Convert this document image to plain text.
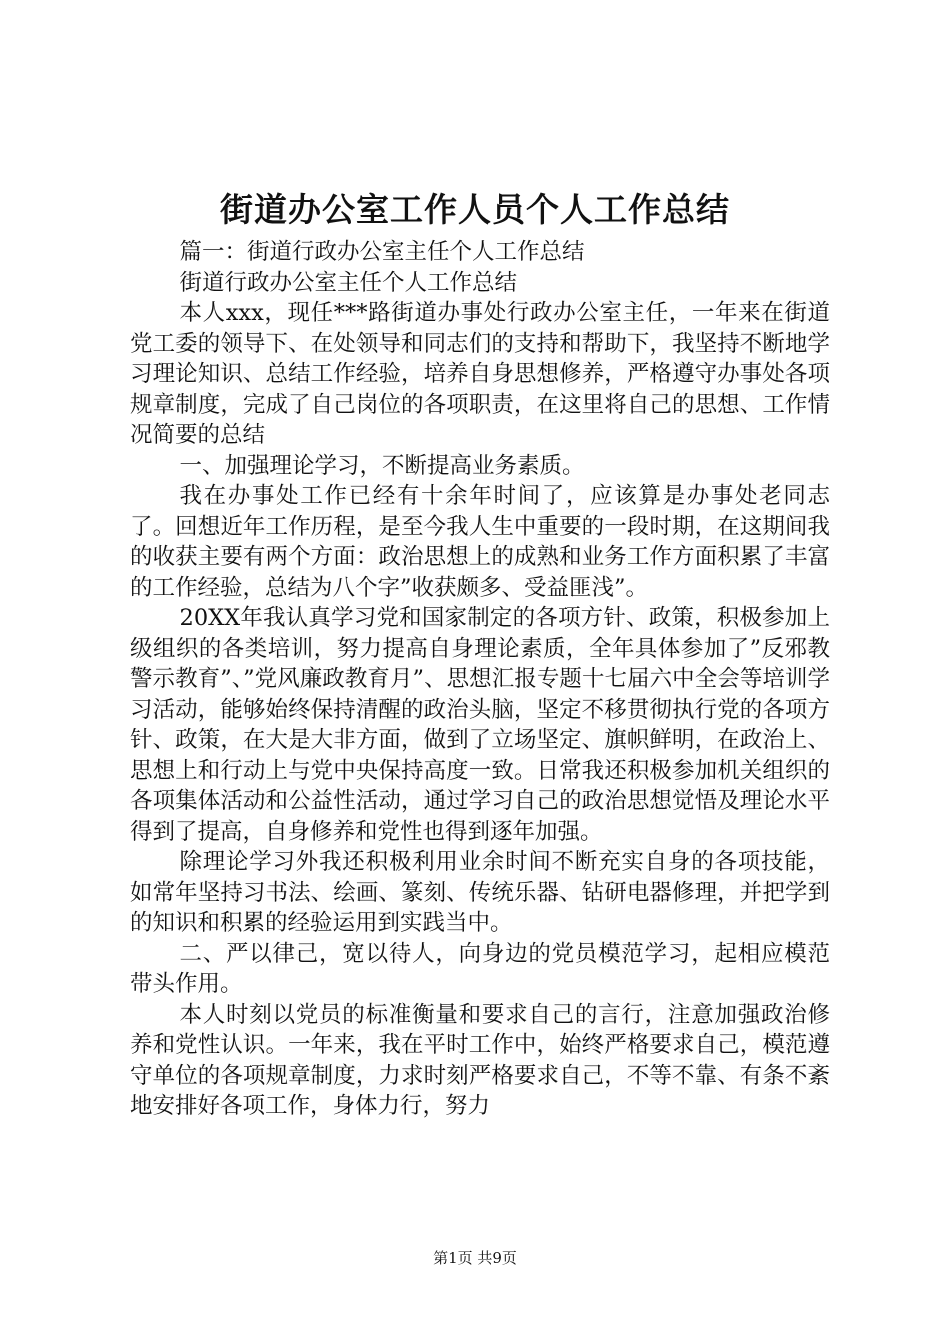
街道办公室工作人员个人工作总结

篇一：街道行政办公室主任个人工作总结

街道行政办公室主任个人工作总结

本人xxx，现任***路街道办事处行政办公室主任，一年来在街道党工委的领导下、在处领导和同志们的支持和帮助下，我坚持不断地学习理论知识、总结工作经验，培养自身思想修养，严格遵守办事处各项规章制度，完成了自己岗位的各项职责，在这里将自己的思想、工作情况简要的总结

一、加强理论学习，不断提高业务素质。

我在办事处工作已经有十余年时间了，应该算是办事处老同志了。回想近年工作历程，是至今我人生中重要的一段时期，在这期间我的收获主要有两个方面：政治思想上的成熟和业务工作方面积累了丰富的工作经验，总结为八个字”收获颇多、受益匪浅”。

20XX年我认真学习党和国家制定的各项方针、政策，积极参加上级组织的各类培训，努力提高自身理论素质，全年具体参加了”反邪教警示教育”、”党风廉政教育月”、思想汇报专题十七届六中全会等培训学习活动，能够始终保持清醒的政治头脑，坚定不移贯彻执行党的各项方针、政策，在大是大非方面，做到了立场坚定、旗帜鲜明，在政治上、思想上和行动上与党中央保持高度一致。日常我还积极参加机关组织的各项集体活动和公益性活动，通过学习自己的政治思想觉悟及理论水平得到了提高，自身修养和党性也得到逐年加强。

除理论学习外我还积极利用业余时间不断充实自身的各项技能，如常年坚持习书法、绘画、篆刻、传统乐器、钻研电器修理，并把学到的知识和积累的经验运用到实践当中。

二、严以律己，宽以待人，向身边的党员模范学习，起相应模范带头作用。

本人时刻以党员的标准衡量和要求自己的言行，注意加强政治修养和党性认识。一年来，我在平时工作中，始终严格要求自己，模范遵守单位的各项规章制度，力求时刻严格要求自己，不等不靠、有条不紊地安排好各项工作，身体力行，努力

第1页 共9页
